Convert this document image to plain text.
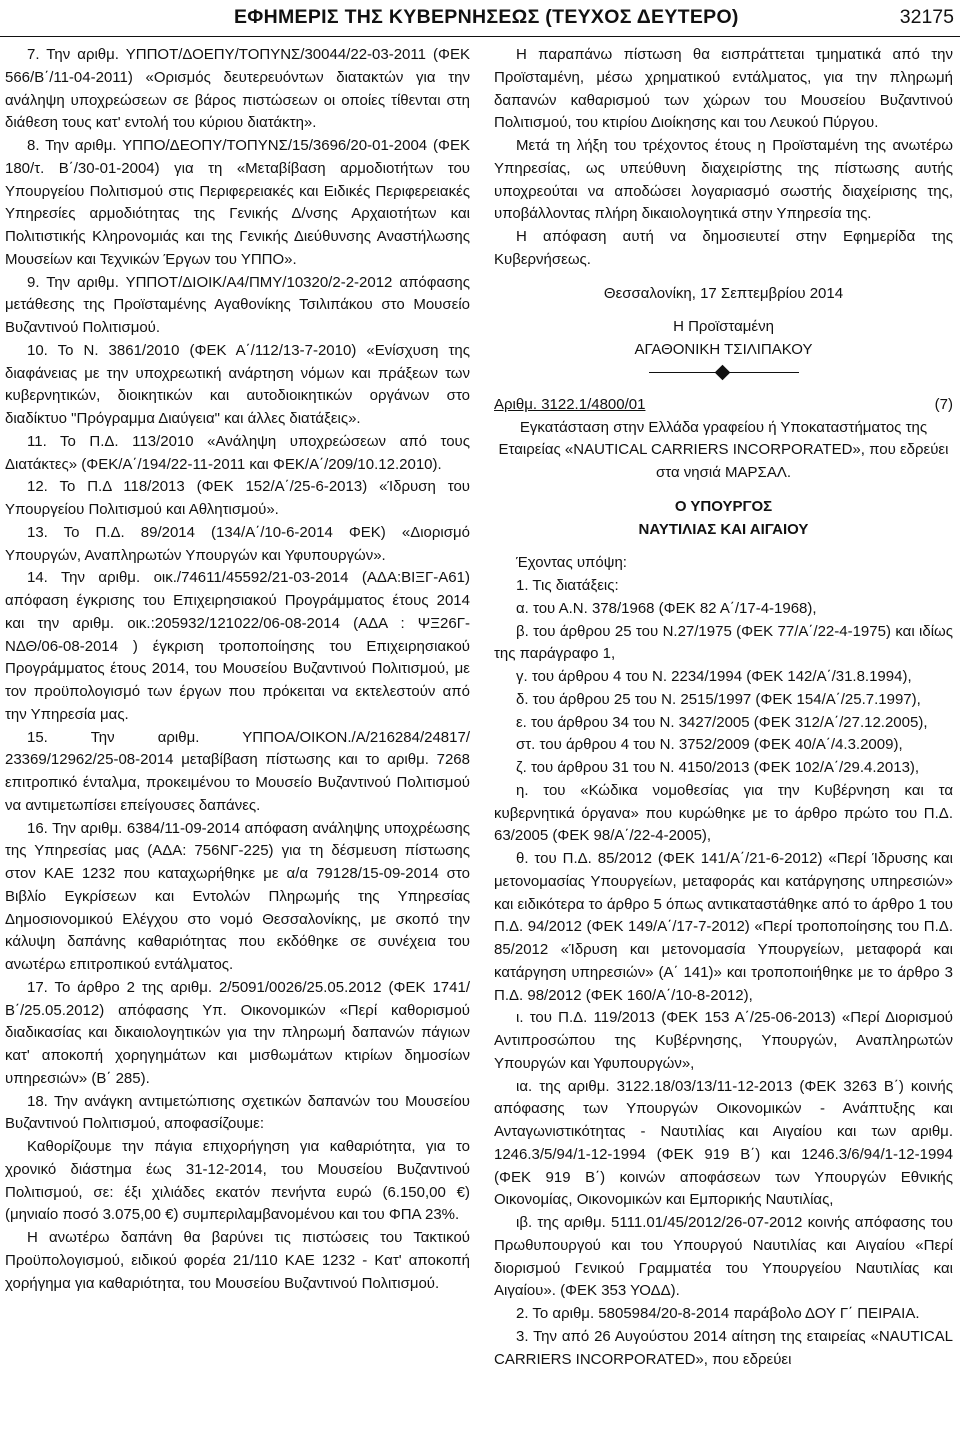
ΕΦΗΜΕΡΙΣ ΤΗΣ ΚΥΒΕΡΝΗΣΕΩΣ (ΤΕΥΧΟΣ ΔΕΥΤΕΡΟ)	32175

7. Την αριθμ. ΥΠΠΟΤ/ΔΟΕΠΥ/ΤΟΠΥΝΣ/30044/22-03-2011 (ΦΕΚ 566/Β΄/11-04-2011) «Ορισμός δευτερευόντων διατακτών για την ανάληψη υποχρεώσεων σε βάρος πιστώσεων οι οποίες τίθενται στη διάθεση τους κατ' εντολή του κύριου διατάκτη».

8. Την αριθμ. ΥΠΠΟ/ΔΕΟΠΥ/ΤΟΠΥΝΣ/15/3696/20-01-2004 (ΦΕΚ 180/τ. Β΄/30-01-2004) για τη «Μεταβίβαση αρμοδιοτήτων του Υπουργείου Πολιτισμού στις Περιφερειακές και Ειδικές Περιφερειακές Υπηρεσίες αρμοδιότητας της Γενικής Δ/νσης Αρχαιοτήτων και Πολιτιστικής Κληρονομιάς και της Γενικής Διεύθυνσης Αναστήλωσης Μουσείων και Τεχνικών Έργων του ΥΠΠΟ».

9. Την αριθμ. ΥΠΠΟΤ/ΔΙΟΙΚ/Α4/ΠΜΥ/10320/2-2-2012 απόφασης μετάθεσης της Προϊσταμένης Αγαθονίκης Τσιλιπάκου στο Μουσείο Βυζαντινού Πολιτισμού.

10. Το Ν. 3861/2010 (ΦΕΚ Α΄/112/13-7-2010) «Ενίσχυση της διαφάνειας με την υποχρεωτική ανάρτηση νόμων και πράξεων των κυβερνητικών, διοικητικών και αυτοδιοικητικών οργάνων στο διαδίκτυο "Πρόγραμμα Διαύγεια" και άλλες διατάξεις».

11. Το Π.Δ. 113/2010 «Ανάληψη υποχρεώσεων από τους Διατάκτες» (ΦΕΚ/Α΄/194/22-11-2011 και ΦΕΚ/Α΄/209/10.12.2010).

12. Το Π.Δ 118/2013 (ΦΕΚ 152/Α΄/25-6-2013) «Ίδρυση του Υπουργείου Πολιτισμού και Αθλητισμού».

13. Το Π.Δ. 89/2014 (134/Α΄/10-6-2014 ΦΕΚ) «Διορισμό Υπουργών, Αναπληρωτών Υπουργών και Υφυπουργών».

14. Την αριθμ. οικ./74611/45592/21-03-2014 (ΑΔΑ:ΒΙΞΓ-Α61) απόφαση έγκρισης του Επιχειρησιακού Προγράμματος έτους 2014 και την αριθμ. οικ.:205932/121022/06-08-2014 (ΑΔΑ : ΨΞ26Γ-ΝΔΘ/06-08-2014 ) έγκριση τροποποίησης του Επιχειρησιακού Προγράμματος έτους 2014, του Μουσείου Βυζαντινού Πολιτισμού, με τον προϋπολογισμό των έργων που πρόκειται να εκτελεστούν από την Υπηρεσία μας.

15. Την αριθμ. ΥΠΠΟΑ/ΟΙΚΟΝ./Α/216284/24817/ 23369/12962/25-08-2014 μεταβίβαση πίστωσης και το αριθμ. 7268 επιτροπικό ένταλμα, προκειμένου το Μουσείο Βυζαντινού Πολιτισμού να αντιμετωπίσει επείγουσες δαπάνες.

16. Την αριθμ. 6384/11-09-2014 απόφαση ανάληψης υποχρέωσης της Υπηρεσίας μας (ΑΔΑ: 756ΝΓ-225) για τη δέσμευση πίστωσης στον ΚΑΕ 1232 που καταχωρήθηκε με α/α 79128/15-09-2014 στο Βιβλίο Εγκρίσεων και Εντολών Πληρωμής της Υπηρεσίας Δημοσιονομικού Ελέγχου στο νομό Θεσσαλονίκης, με σκοπό την κάλυψη δαπάνης καθαριότητας που εκδόθηκε σε συνέχεια του ανωτέρω επιτροπικού εντάλματος.

17. Το άρθρο 2 της αριθμ. 2/5091/0026/25.05.2012 (ΦΕΚ 1741/Β΄/25.05.2012) απόφασης Υπ. Οικονομικών «Περί καθορισμού διαδικασίας και δικαιολογητικών για την πληρωμή δαπανών πάγιων κατ' αποκοπή χορηγημάτων και μισθωμάτων κτιρίων δημοσίων υπηρεσιών» (Β΄ 285).

18. Την ανάγκη αντιμετώπισης σχετικών δαπανών του Μουσείου Βυζαντινού Πολιτισμού, αποφασίζουμε:

Καθορίζουμε την πάγια επιχορήγηση για καθαριότητα, για το χρονικό διάστημα έως 31-12-2014, του Μουσείου Βυζαντινού Πολιτισμού, σε: έξι χιλιάδες εκατόν πενήντα ευρώ (6.150,00 €) (μηνιαίο ποσό 3.075,00 €) συμπεριλαμβανομένου και του ΦΠΑ 23%.

Η ανωτέρω δαπάνη θα βαρύνει τις πιστώσεις του Τακτικού Προϋπολογισμού, ειδικού φορέα 21/110 ΚΑΕ 1232 - Κατ' αποκοπή χορήγημα για καθαριότητα, του Μουσείου Βυζαντινού Πολιτισμού.

Η παραπάνω πίστωση θα εισπράττεται τμηματικά από την Προϊσταμένη, μέσω χρηματικού εντάλματος, για την πληρωμή δαπανών καθαρισμού των χώρων του Μουσείου Βυζαντινού Πολιτισμού, του κτιρίου Διοίκησης και του Λευκού Πύργου.

Μετά τη λήξη του τρέχοντος έτους η Προϊσταμένη της ανωτέρω Υπηρεσίας, ως υπεύθυνη διαχειρίστης της πίστωσης αυτής υποχρεούται να αποδώσει λογαριασμό σωστής διαχείρισης της, υποβάλλοντας πλήρη δικαιολογητικά στην Υπηρεσία της.

Η απόφαση αυτή να δημοσιευτεί στην Εφημερίδα της Κυβερνήσεως.

Θεσσαλονίκη, 17 Σεπτεμβρίου 2014

Η Προϊσταμένη

ΑΓΑΘΟΝΙΚΗ ΤΣΙΛΙΠΑΚΟΥ

Αριθμ. 3122.1/4800/01	(7)

Εγκατάσταση στην Ελλάδα γραφείου ή Υποκαταστήματος της Εταιρείας «NAUTICAL CARRIERS INCORPORATED», που εδρεύει στα νησιά ΜΑΡΣΑΛ.

Ο ΥΠΟΥΡΓΟΣ

ΝΑΥΤΙΛΙΑΣ ΚΑΙ ΑΙΓΑΙΟΥ

Έχοντας υπόψη:

1. Τις διατάξεις:

α. του Α.Ν. 378/1968 (ΦΕΚ 82 Α΄/17-4-1968),

β. του άρθρου 25 του Ν.27/1975 (ΦΕΚ 77/Α΄/22-4-1975) και ιδίως της παράγραφο 1,

γ. του άρθρου 4 του Ν. 2234/1994 (ΦΕΚ 142/Α΄/31.8.1994),

δ. του άρθρου 25 του Ν. 2515/1997 (ΦΕΚ 154/Α΄/25.7.1997),

ε. του άρθρου 34 του Ν. 3427/2005 (ΦΕΚ 312/Α΄/27.12.2005),

στ. του άρθρου 4 του Ν. 3752/2009 (ΦΕΚ 40/Α΄/4.3.2009),

ζ. του άρθρου 31 του Ν. 4150/2013 (ΦΕΚ 102/Α΄/29.4.2013),

η. του «Κώδικα νομοθεσίας για την Κυβέρνηση και τα κυβερνητικά όργανα» που κυρώθηκε με το άρθρο πρώτο του Π.Δ. 63/2005 (ΦΕΚ 98/Α΄/22-4-2005),

θ. του Π.Δ. 85/2012 (ΦΕΚ 141/Α΄/21-6-2012) «Περί Ίδρυσης και μετονομασίας Υπουργείων, μεταφοράς και κατάργησης υπηρεσιών» και ειδικότερα το άρθρο 5 όπως αντικαταστάθηκε από το άρθρο 1 του Π.Δ. 94/2012 (ΦΕΚ 149/Α΄/17-7-2012) «Περί τροποποίησης του Π.Δ. 85/2012 «Ίδρυση και μετονομασία Υπουργείων, μεταφορά και κατάργηση υπηρεσιών» (Α΄ 141)» και τροποποιήθηκε με το άρθρο 3 Π.Δ. 98/2012 (ΦΕΚ 160/Α΄/10-8-2012),

ι. του Π.Δ. 119/2013 (ΦΕΚ 153 Α΄/25-06-2013) «Περί Διορισμού Αντιπροσώπου της Κυβέρνησης, Υπουργών, Αναπληρωτών Υπουργών και Υφυπουργών»,

ια. της αριθμ. 3122.18/03/13/11-12-2013 (ΦΕΚ 3263 Β΄) κοινής απόφασης των Υπουργών Οικονομικών - Ανάπτυξης και Ανταγωνιστικότητας - Ναυτιλίας και Αιγαίου και των αριθμ. 1246.3/5/94/1-12-1994 (ΦΕΚ 919 Β΄) και 1246.3/6/94/1-12-1994 (ΦΕΚ 919 Β΄) κοινών αποφάσεων των Υπουργών Εθνικής Οικονομίας, Οικονομικών και Εμπορικής Ναυτιλίας,

ιβ. της αριθμ. 5111.01/45/2012/26-07-2012 κοινής απόφασης του Πρωθυπουργού και του Υπουργού Ναυτιλίας και Αιγαίου «Περί διορισμού Γενικού Γραμματέα του Υπουργείου Ναυτιλίας και Αιγαίου». (ΦΕΚ 353 ΥΟΔΔ).

2. Το αριθμ. 5805984/20-8-2014 παράβολο ΔΟΥ Γ΄ ΠΕΙΡΑΙΑ.

3. Την από 26 Αυγούστου 2014 αίτηση της εταιρείας «NAUTICAL CARRIERS INCORPORATED», που εδρεύει
